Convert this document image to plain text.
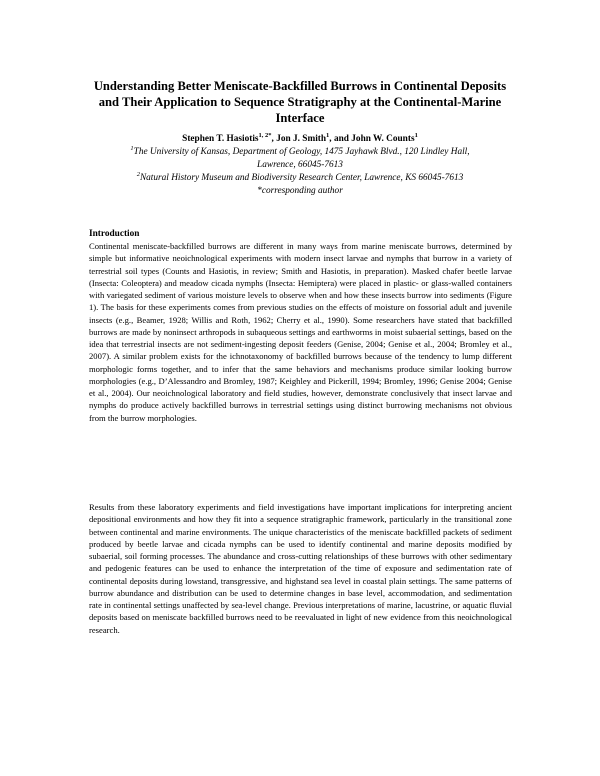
Understanding Better Meniscate-Backfilled Burrows in Continental Deposits and Their Application to Sequence Stratigraphy at the Continental-Marine Interface
Stephen T. Hasiotis$^{1, 2*}$, Jon J. Smith$^1$, and John W. Counts$^1$
$^1$The University of Kansas, Department of Geology, 1475 Jayhawk Blvd., 120 Lindley Hall,
Lawrence, 66045-7613
$^2$Natural History Museum and Biodiversity Research Center, Lawrence, KS 66045-7613
*corresponding author
Introduction
Continental meniscate-backfilled burrows are different in many ways from marine meniscate burrows, determined by simple but informative neoichnological experiments with modern insect larvae and nymphs that burrow in a variety of terrestrial soil types (Counts and Hasiotis, in review; Smith and Hasiotis, in preparation). Masked chafer beetle larvae (Insecta: Coleoptera) and meadow cicada nymphs (Insecta: Hemiptera) were placed in plastic- or glass-walled containers with variegated sediment of various moisture levels to observe when and how these insects burrow into sediments (Figure 1). The basis for these experiments comes from previous studies on the effects of moisture on fossorial adult and juvenile insects (e.g., Beamer, 1928; Willis and Roth, 1962; Cherry et al., 1990). Some researchers have stated that backfilled burrows are made by noninsect arthropods in subaqueous settings and earthworms in moist subaerial settings, based on the idea that terrestrial insects are not sediment-ingesting deposit feeders (Genise, 2004; Genise et al., 2004; Bromley et al., 2007). A similar problem exists for the ichnotaxonomy of backfilled burrows because of the tendency to lump different morphologic forms together, and to infer that the same behaviors and mechanisms produce similar looking burrow morphologies (e.g., D’Alessandro and Bromley, 1987; Keighley and Pickerill, 1994; Bromley, 1996; Genise 2004; Genise et al., 2004). Our neoichnological laboratory and field studies, however, demonstrate conclusively that insect larvae and nymphs do produce actively backfilled burrows in terrestrial settings using distinct burrowing mechanisms not obvious from the burrow morphologies.
Results from these laboratory experiments and field investigations have important implications for interpreting ancient depositional environments and how they fit into a sequence stratigraphic framework, particularly in the transitional zone between continental and marine environments. The unique characteristics of the meniscate backfilled packets of sediment produced by beetle larvae and cicada nymphs can be used to identify continental and marine deposits modified by subaerial, soil forming processes. The abundance and cross-cutting relationships of these burrows with other sedimentary and pedogenic features can be used to enhance the interpretation of the time of exposure and sedimentation rate of continental deposits during lowstand, transgressive, and highstand sea level in coastal plain settings. The same patterns of burrow abundance and distribution can be used to determine changes in base level, accommodation, and sedimentation rate in continental settings unaffected by sea-level change. Previous interpretations of marine, lacustrine, or aquatic fluvial deposits based on meniscate backfilled burrows need to be reevaluated in light of new evidence from this neoichnological research.
